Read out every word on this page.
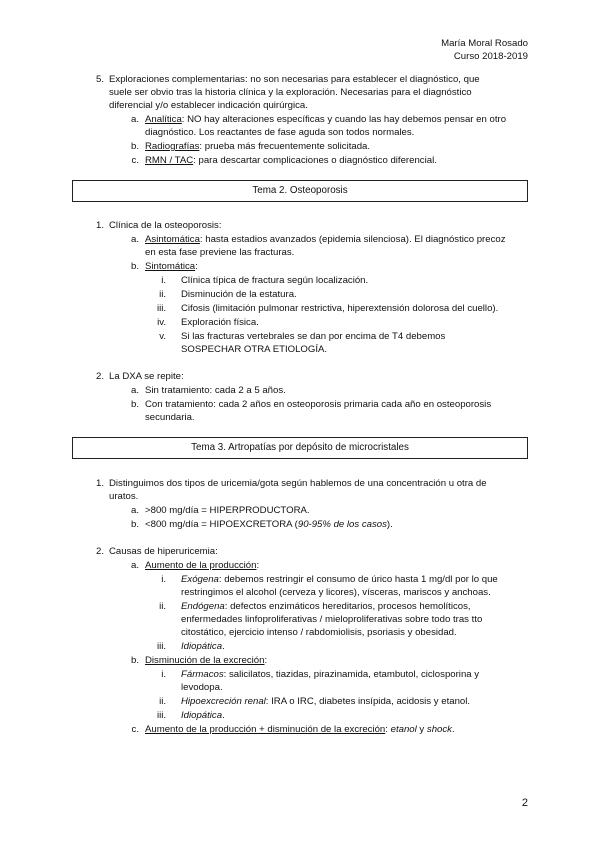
María Moral Rosado
Curso 2018-2019
5. Exploraciones complementarias: no son necesarias para establecer el diagnóstico, que
suele ser obvio tras la historia clínica y la exploración. Necesarias para el diagnóstico
diferencial y/o establecer indicación quirúrgica.
a. Analítica: NO hay alteraciones específicas y cuando las hay debemos pensar en otro
diagnóstico. Los reactantes de fase aguda son todos normales.
b. Radiografías: prueba más frecuentemente solicitada.
c. RMN / TAC: para descartar complicaciones o diagnóstico diferencial.
Tema 2. Osteoporosis
1. Clínica de la osteoporosis:
a. Asintomática: hasta estadios avanzados (epidemia silenciosa). El diagnóstico precoz
en esta fase previene las fracturas.
b. Sintomática:
i. Clínica típica de fractura según localización.
ii. Disminución de la estatura.
iii. Cifosis (limitación pulmonar restrictiva, hiperextensión dolorosa del cuello).
iv. Exploración física.
v. Si las fracturas vertebrales se dan por encima de T4 debemos
SOSPECHAR OTRA ETIOLOGÍA.
2. La DXA se repite:
a. Sin tratamiento: cada 2 a 5 años.
b. Con tratamiento: cada 2 años en osteoporosis primaria cada año en osteoporosis
secundaria.
Tema 3. Artropatías por depósito de microcristales
1. Distinguimos dos tipos de uricemia/gota según hablemos de una concentración u otra de
uratos.
a. >800 mg/día = HIPERPRODUCTORA.
b. <800 mg/día = HIPOEXCRETORA (90-95% de los casos).
2. Causas de hiperuricemia:
a. Aumento de la producción:
i. Exógena: debemos restringir el consumo de úrico hasta 1 mg/dl por lo que
restringimos el alcohol (cerveza y licores), vísceras, mariscos y anchoas.
ii. Endógena: defectos enzimáticos hereditarios, procesos hemolíticos,
enfermedades linfoproliferativas / mieloproliferativas sobre todo tras tto
citostático, ejercicio intenso / rabdomiolisis, psoriasis y obesidad.
iii. Idiopática.
b. Disminución de la excreción:
i. Fármacos: salicilatos, tiazidas, pirazinamida, etambutol, ciclosporina y
levodopa.
ii. Hipoexcreción renal: IRA o IRC, diabetes insípida, acidosis y etanol.
iii. Idiopática.
c. Aumento de la producción + disminución de la excreción: etanol y shock.
2
